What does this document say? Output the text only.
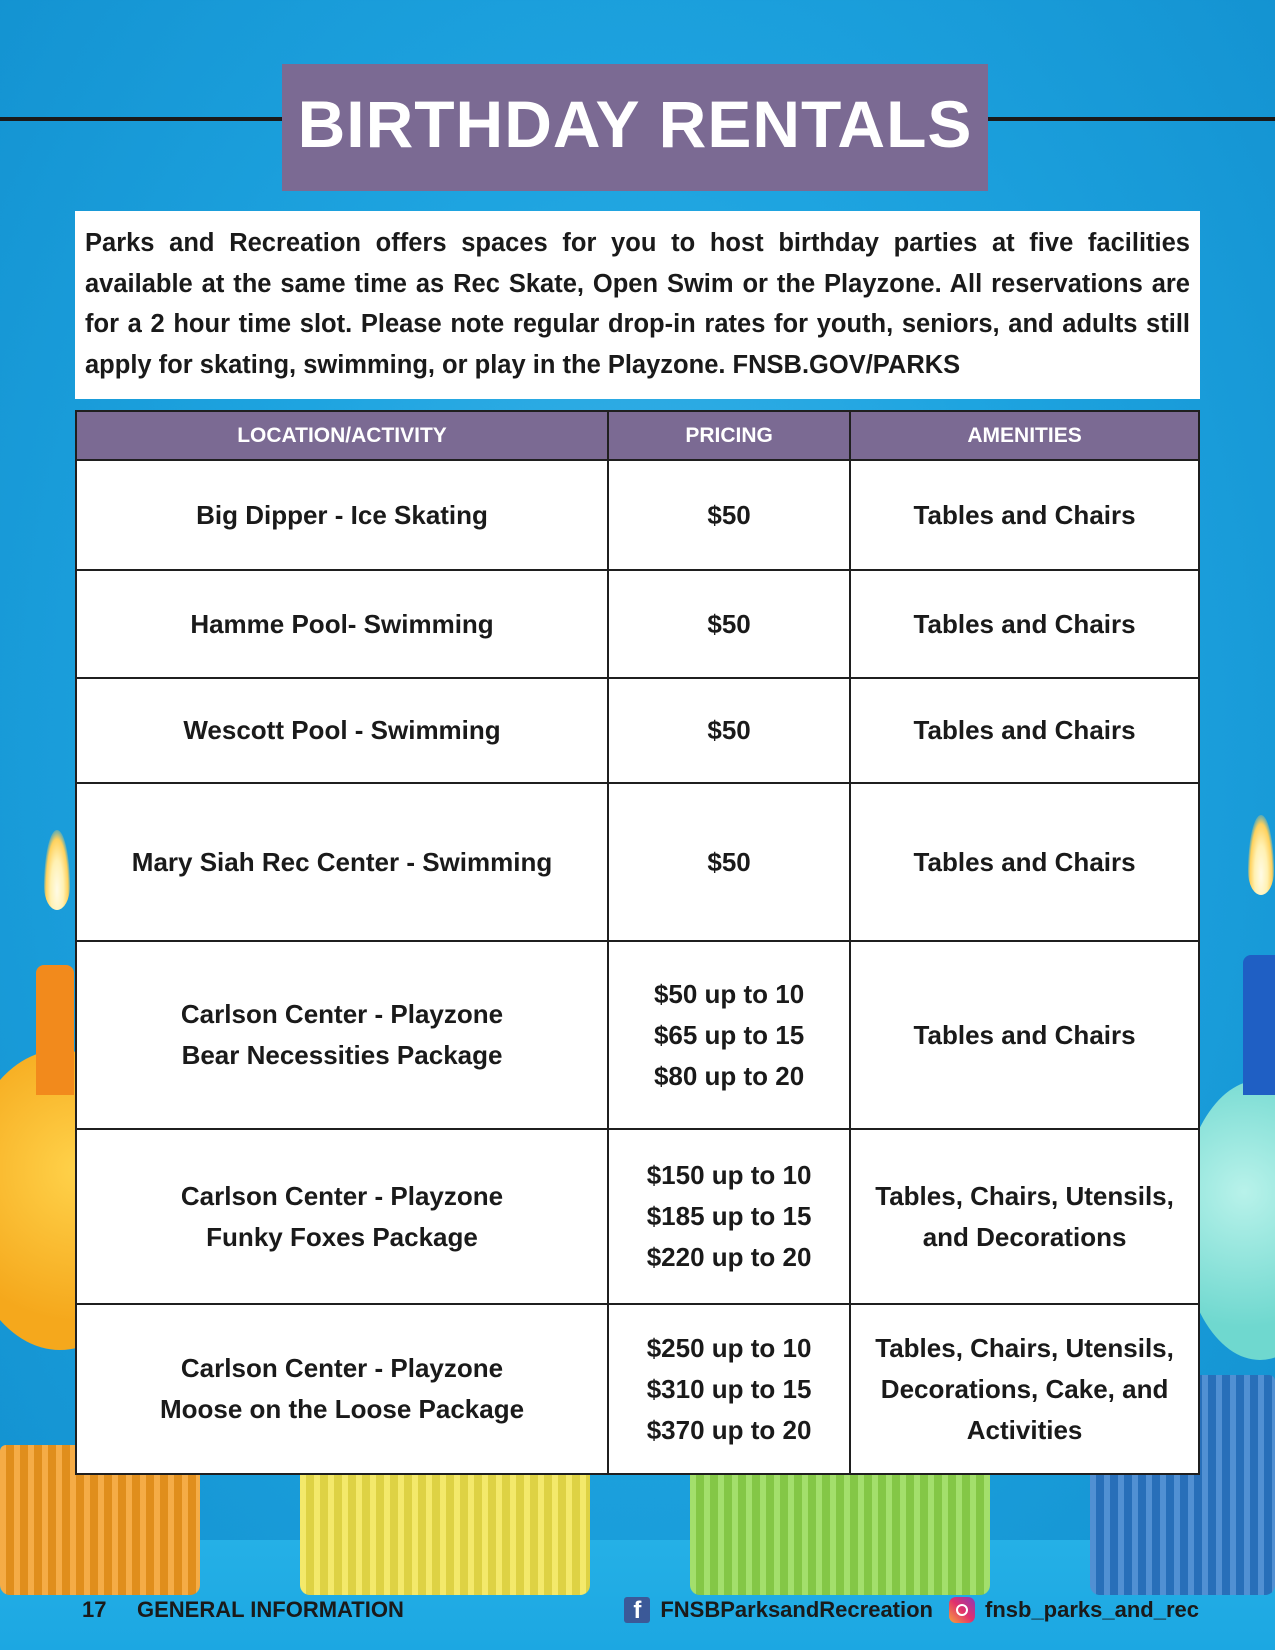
BIRTHDAY RENTALS

Parks and Recreation offers spaces for you to host birthday parties at five facilities available at the same time as Rec Skate, Open Swim or the Playzone. All reservations are for a 2 hour time slot. Please note regular drop-in rates for youth, seniors, and adults still apply for skating, swimming, or play in the Playzone. FNSB.GOV/PARKS

LOCATION/ACTIVITY	PRICING	AMENITIES

Big Dipper - Ice Skating	$50	Tables and Chairs

Hamme Pool- Swimming	$50	Tables and Chairs

Wescott Pool - Swimming	$50	Tables and Chairs

Mary Siah Rec Center - Swimming	$50	Tables and Chairs

Carlson Center - Playzone
Bear Necessities Package	$50 up to 10
$65 up to 15
$80 up to 20	Tables and Chairs

Carlson Center - Playzone
Funky Foxes Package	$150 up to 10
$185 up to 15
$220 up to 20	Tables, Chairs, Utensils,
and Decorations

Carlson Center - Playzone
Moose on the Loose Package	$250 up to 10
$310 up to 15
$370 up to 20	Tables, Chairs, Utensils,
Decorations, Cake, and
Activities
17 GENERAL INFORMATION	f FNSBParksandRecreation fnsb_parks_and_rec
